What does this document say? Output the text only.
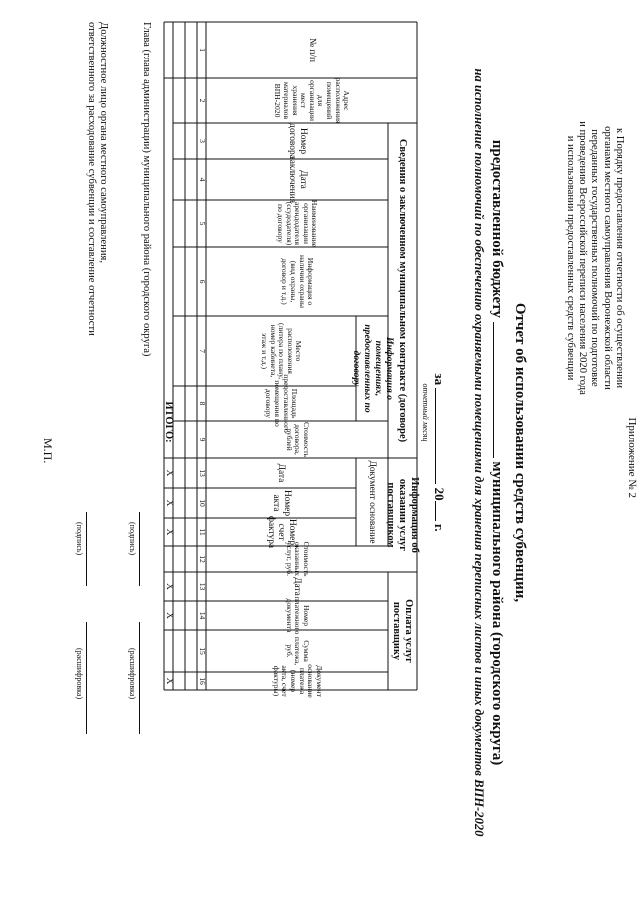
Приложение № 2
к Порядку предоставления отчетности об осуществлении
органами местного самоуправления Воронежской области
переданных государственных полномочий по подготовке
и проведению Всероссийской переписи населения 2020 года
и использовании предоставленных средств субвенции
Отчет об использовании средств субвенции,
предоставленной бюджету  муниципального района (городского округа)
на исполнение полномочий по обеспечению охраняемыми помещениями для хранения переписных листов и иных документов ВПН-2020
за  20 г.
отчетный месяц
№ п/п
Адрес расположения помещений для организации мест хранения материалов ВПН-2020
Сведения о заключенном муниципальном контракте (договоре)
Номер договора
Дата заключения
Наименование организации арендодателя (ссудодателя) по договору
Информация о наличии охраны (вид охраны, договор и т.д.)
Информация о помещениях, предоставленных по договору
Место расположения (литера по плану, номер кабинета, этаж и т.д.)
Площадь предоставленного помещения по договору
Стоимость договора, рублей
Информация об оказании услуг поставщиком
Документ основание
Дата
Номер акта
Номер счет фактура
Стоимость оказанных услуг, руб.
Оплата услуг поставщику
Дата
Номер платежного документа
Сумма платежа, руб.
Документ основание платежа (номер акта, счет фактуры)
1
2
3
4
5
6
7
8
9
13
10
11
12
13
14
15
16
ИТОГО:
Х
Х
Х
Х
Х
Х
Глава (глава администрации) муниципального района (городского округа)
(подпись)
(расшифровка)
Должностное лицо органа местного самоуправления,
ответственного за расходование субвенции и составление отчетности
(подпись)
(расшифровка)
М.П.
